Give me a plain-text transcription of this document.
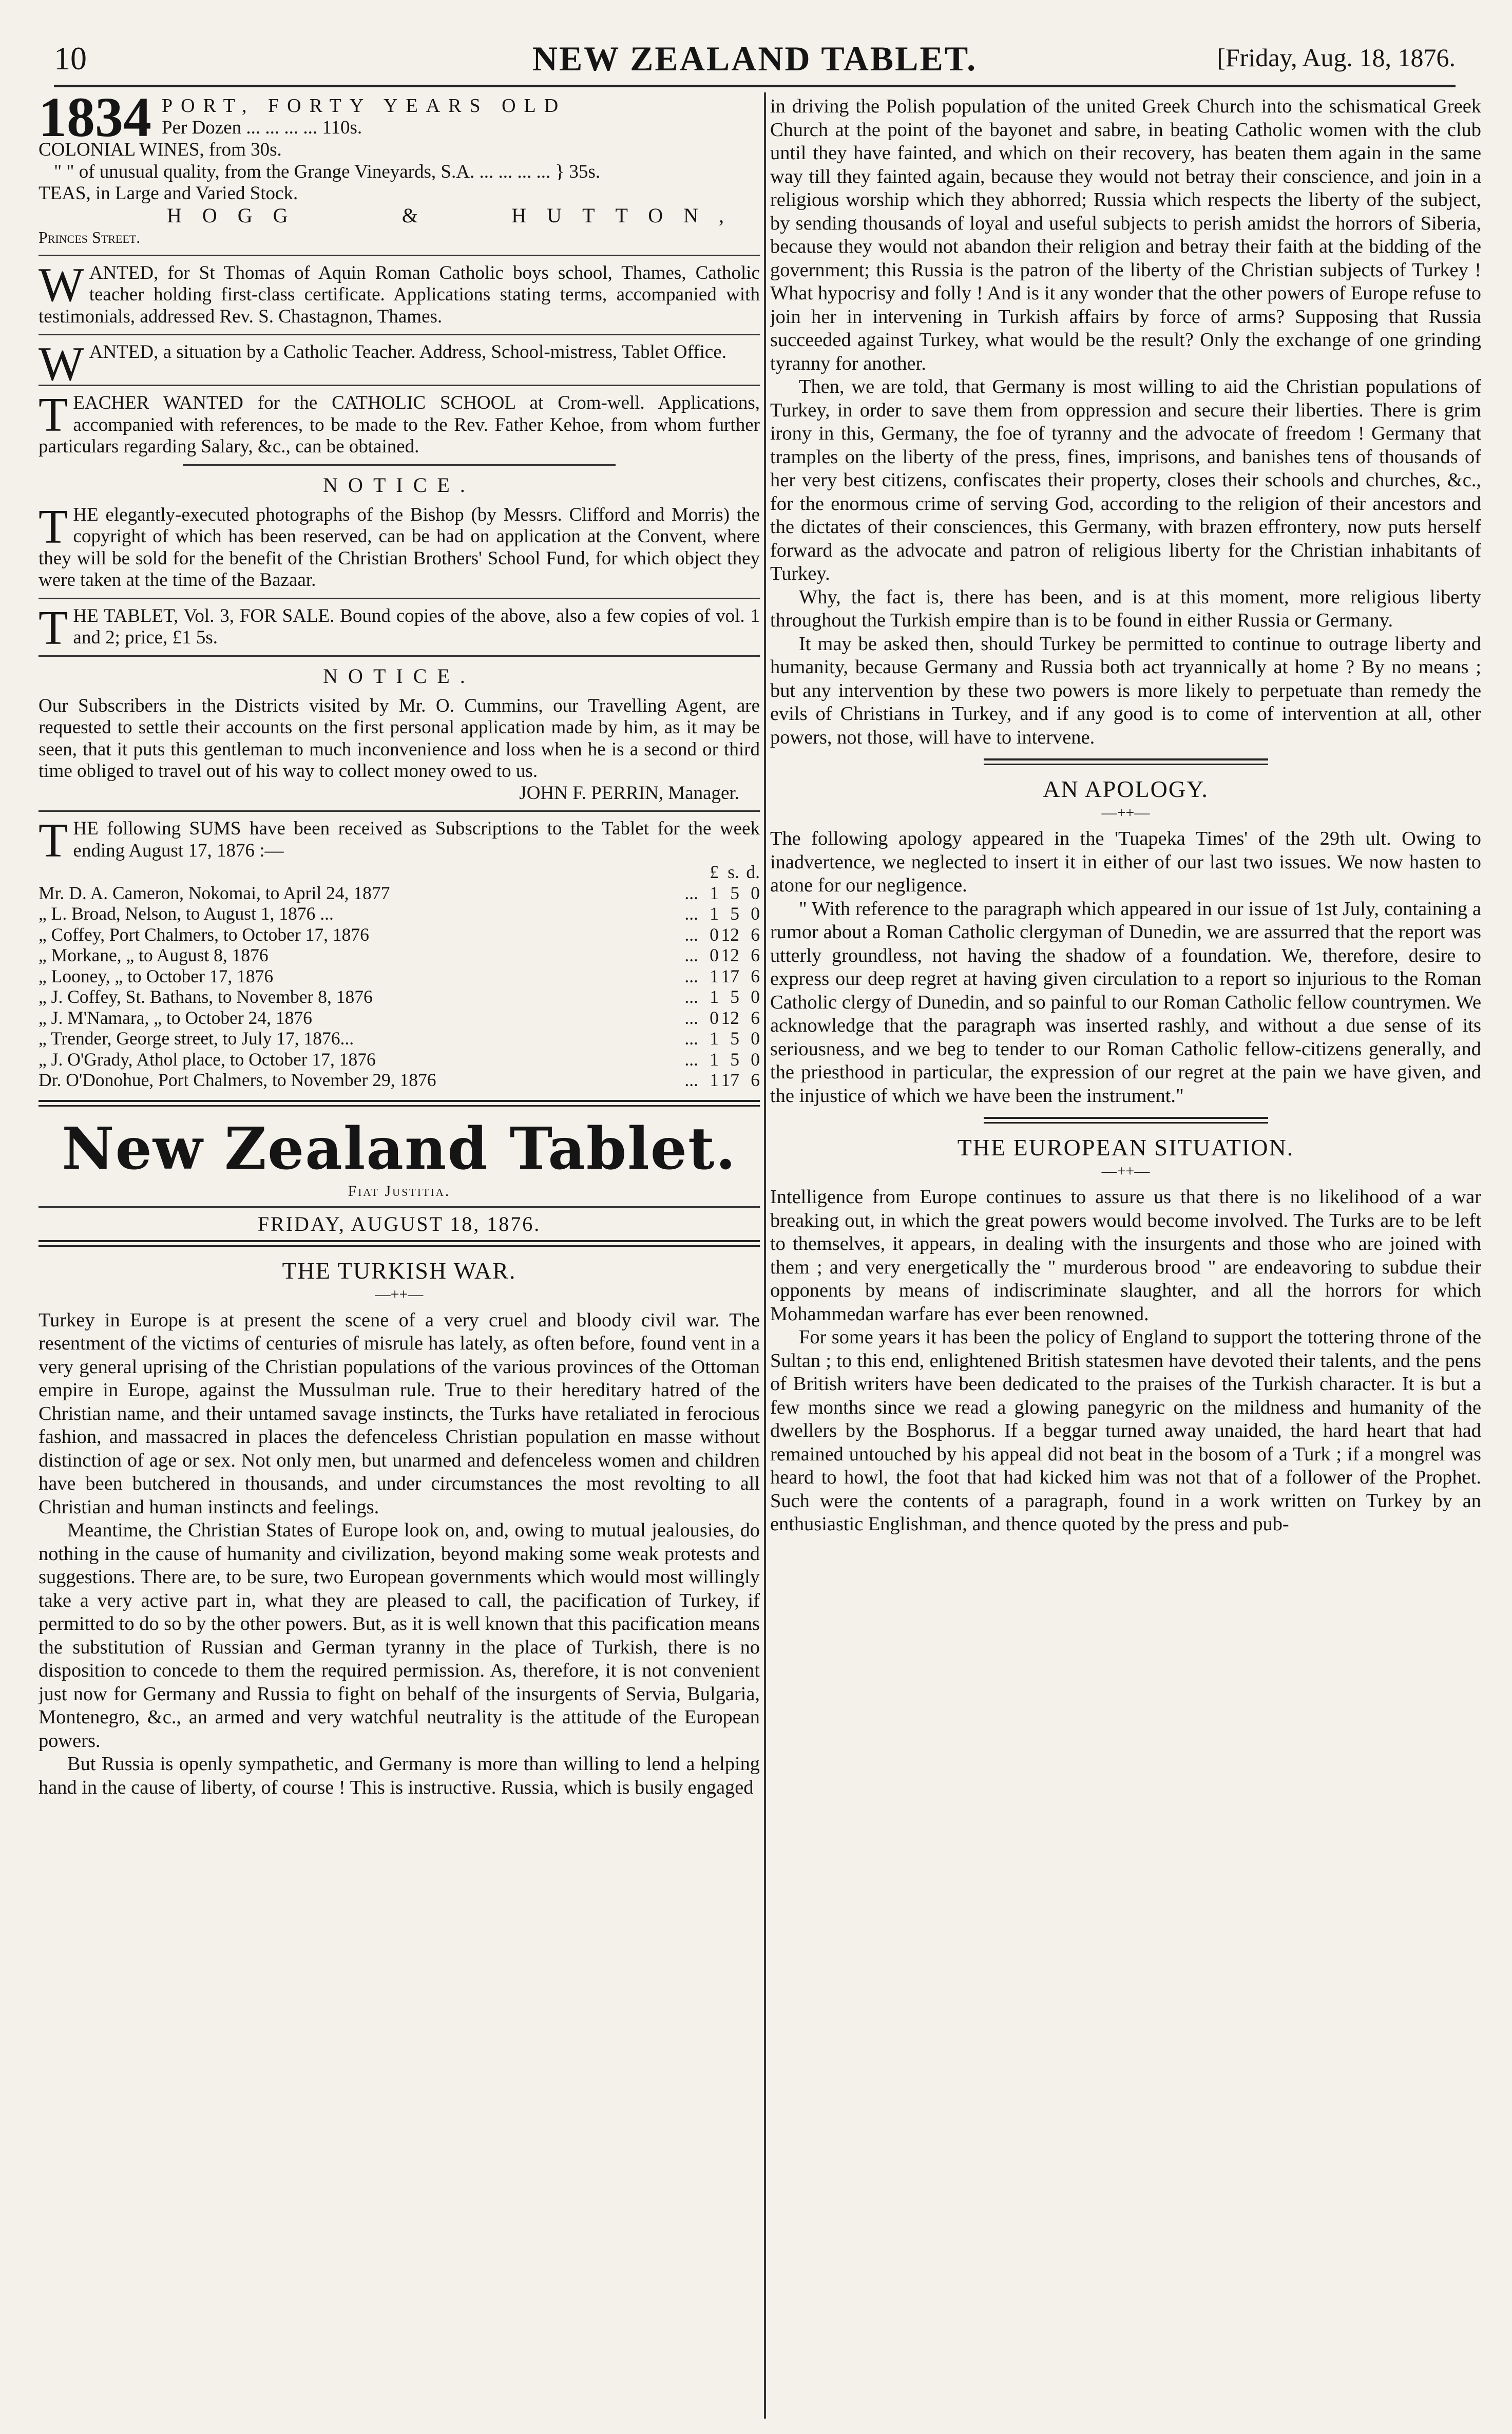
10	NEW ZEALAND TABLET.	[Friday, Aug. 18, 1876.
1834 PORT, FORTY YEARS OLD

Per Dozen ... ... ... ... 110s.

COLONIAL WINES, from 30s.

" " of unusual quality, from the Grange Vineyards, S.A. ... ... ... ... } 35s.

TEAS, in Large and Varied Stock.

HOGG	&	HUTTON,

Princes Street.

WANTED, for St Thomas of Aquin Roman Catholic boys school, Thames, Catholic teacher holding first-class certificate. Applications stating terms, accompanied with testimonials, addressed Rev. S. Chastagnon, Thames.

WANTED, a situation by a Catholic Teacher. Address, School-mistress, Tablet Office.

TEACHER WANTED for the CATHOLIC SCHOOL at Crom-well. Applications, accompanied with references, to be made to the Rev. Father Kehoe, from whom further particulars regarding Salary, &c., can be obtained.

NOTICE.

THE elegantly-executed photographs of the Bishop (by Messrs. Clifford and Morris) the copyright of which has been reserved, can be had on application at the Convent, where they will be sold for the benefit of the Christian Brothers' School Fund, for which object they were taken at the time of the Bazaar.

THE TABLET, Vol. 3, FOR SALE. Bound copies of the above, also a few copies of vol. 1 and 2; price, £1 5s.

NOTICE.

Our Subscribers in the Districts visited by Mr. O. Cummins, our Travelling Agent, are requested to settle their accounts on the first personal application made by him, as it may be seen, that it puts this gentleman to much inconvenience and loss when he is a second or third time obliged to travel out of his way to collect money owed to us.

JOHN F. PERRIN, Manager.

THE following SUMS have been received as Subscriptions to the Tablet for the week ending August 17, 1876 :—

		£	s.	d.
Mr. D. A. Cameron, Nokomai, to April 24, 1877	...	1	5	0
„ L. Broad, Nelson, to August 1, 1876 ...	...	1	5	0
„ Coffey, Port Chalmers, to October 17, 1876	...	0	12	6
„ Morkane, „ to August 8, 1876	...	0	12	6
„ Looney, „ to October 17, 1876	...	1	17	6
„ J. Coffey, St. Bathans, to November 8, 1876	...	1	5	0
„ J. M'Namara, „ to October 24, 1876	...	0	12	6
„ Trender, George street, to July 17, 1876...	...	1	5	0
„ J. O'Grady, Athol place, to October 17, 1876	...	1	5	0
Dr. O'Donohue, Port Chalmers, to November 29, 1876	...	1	17	6
New Zealand Tablet.
Fiat Justitia.
FRIDAY, AUGUST 18, 1876.
THE TURKISH WAR.
—++—

Turkey in Europe is at present the scene of a very cruel and bloody civil war. The resentment of the victims of centuries of misrule has lately, as often before, found vent in a very general uprising of the Christian populations of the various provinces of the Ottoman empire in Europe, against the Mussulman rule. True to their hereditary hatred of the Christian name, and their untamed savage instincts, the Turks have retaliated in ferocious fashion, and massacred in places the defenceless Christian population en masse without distinction of age or sex. Not only men, but unarmed and defenceless women and children have been butchered in thousands, and under circumstances the most revolting to all Christian and human instincts and feelings.

Meantime, the Christian States of Europe look on, and, owing to mutual jealousies, do nothing in the cause of humanity and civilization, beyond making some weak protests and suggestions. There are, to be sure, two European governments which would most willingly take a very active part in, what they are pleased to call, the pacification of Turkey, if permitted to do so by the other powers. But, as it is well known that this pacification means the substitution of Russian and German tyranny in the place of Turkish, there is no disposition to concede to them the required permission. As, therefore, it is not convenient just now for Germany and Russia to fight on behalf of the insurgents of Servia, Bulgaria, Montenegro, &c., an armed and very watchful neutrality is the attitude of the European powers.

But Russia is openly sympathetic, and Germany is more than willing to lend a helping hand in the cause of liberty, of course ! This is instructive. Russia, which is busily engaged

in driving the Polish population of the united Greek Church into the schismatical Greek Church at the point of the bayonet and sabre, in beating Catholic women with the club until they have fainted, and which on their recovery, has beaten them again in the same way till they fainted again, because they would not betray their conscience, and join in a religious worship which they abhorred; Russia which respects the liberty of the subject, by sending thousands of loyal and useful subjects to perish amidst the horrors of Siberia, because they would not abandon their religion and betray their faith at the bidding of the government; this Russia is the patron of the liberty of the Christian subjects of Turkey ! What hypocrisy and folly ! And is it any wonder that the other powers of Europe refuse to join her in intervening in Turkish affairs by force of arms? Supposing that Russia succeeded against Turkey, what would be the result? Only the exchange of one grinding tyranny for another.

Then, we are told, that Germany is most willing to aid the Christian populations of Turkey, in order to save them from oppression and secure their liberties. There is grim irony in this, Germany, the foe of tyranny and the advocate of freedom ! Germany that tramples on the liberty of the press, fines, imprisons, and banishes tens of thousands of her very best citizens, confiscates their property, closes their schools and churches, &c., for the enormous crime of serving God, according to the religion of their ancestors and the dictates of their consciences, this Germany, with brazen effrontery, now puts herself forward as the advocate and patron of religious liberty for the Christian inhabitants of Turkey.

Why, the fact is, there has been, and is at this moment, more religious liberty throughout the Turkish empire than is to be found in either Russia or Germany.

It may be asked then, should Turkey be permitted to continue to outrage liberty and humanity, because Germany and Russia both act tryannically at home ? By no means ; but any intervention by these two powers is more likely to perpetuate than remedy the evils of Christians in Turkey, and if any good is to come of intervention at all, other powers, not those, will have to intervene.

AN APOLOGY.
—++—

The following apology appeared in the 'Tuapeka Times' of the 29th ult. Owing to inadvertence, we neglected to insert it in either of our last two issues. We now hasten to atone for our negligence.

" With reference to the paragraph which appeared in our issue of 1st July, containing a rumor about a Roman Catholic clergyman of Dunedin, we are assurred that the report was utterly groundless, not having the shadow of a foundation. We, therefore, desire to express our deep regret at having given circulation to a report so injurious to the Roman Catholic clergy of Dunedin, and so painful to our Roman Catholic fellow countrymen. We acknowledge that the paragraph was inserted rashly, and without a due sense of its seriousness, and we beg to tender to our Roman Catholic fellow-citizens generally, and the priesthood in particular, the expression of our regret at the pain we have given, and the injustice of which we have been the instrument."

THE EUROPEAN SITUATION.
—++—

Intelligence from Europe continues to assure us that there is no likelihood of a war breaking out, in which the great powers would become involved. The Turks are to be left to themselves, it appears, in dealing with the insurgents and those who are joined with them ; and very energetically the " murderous brood " are endeavoring to subdue their opponents by means of indiscriminate slaughter, and all the horrors for which Mohammedan warfare has ever been renowned.

For some years it has been the policy of England to support the tottering throne of the Sultan ; to this end, enlightened British statesmen have devoted their talents, and the pens of British writers have been dedicated to the praises of the Turkish character. It is but a few months since we read a glowing panegyric on the mildness and humanity of the dwellers by the Bosphorus. If a beggar turned away unaided, the hard heart that had remained untouched by his appeal did not beat in the bosom of a Turk ; if a mongrel was heard to howl, the foot that had kicked him was not that of a follower of the Prophet. Such were the contents of a paragraph, found in a work written on Turkey by an enthusiastic Englishman, and thence quoted by the press and pub-
